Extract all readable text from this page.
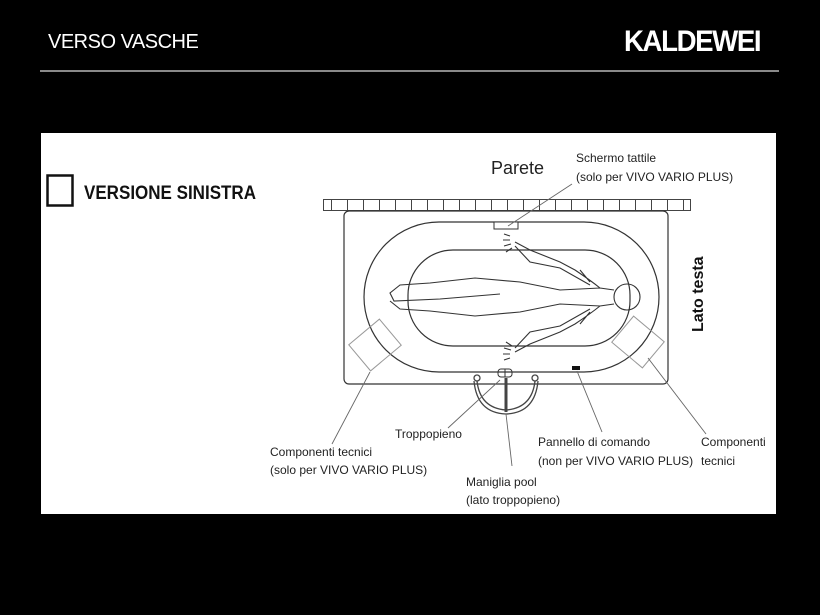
VERSO VASCHE	KALDEWEI
VERSIONE SINISTRA
Parete
Lato testa
Schermo tattile
(solo per VIVO VARIO PLUS)
Troppopieno
Componenti tecnici
(solo per VIVO VARIO PLUS)
Maniglia pool
(lato troppopieno)
Pannello di comando
(non per VIVO VARIO PLUS)
Componenti
tecnici
